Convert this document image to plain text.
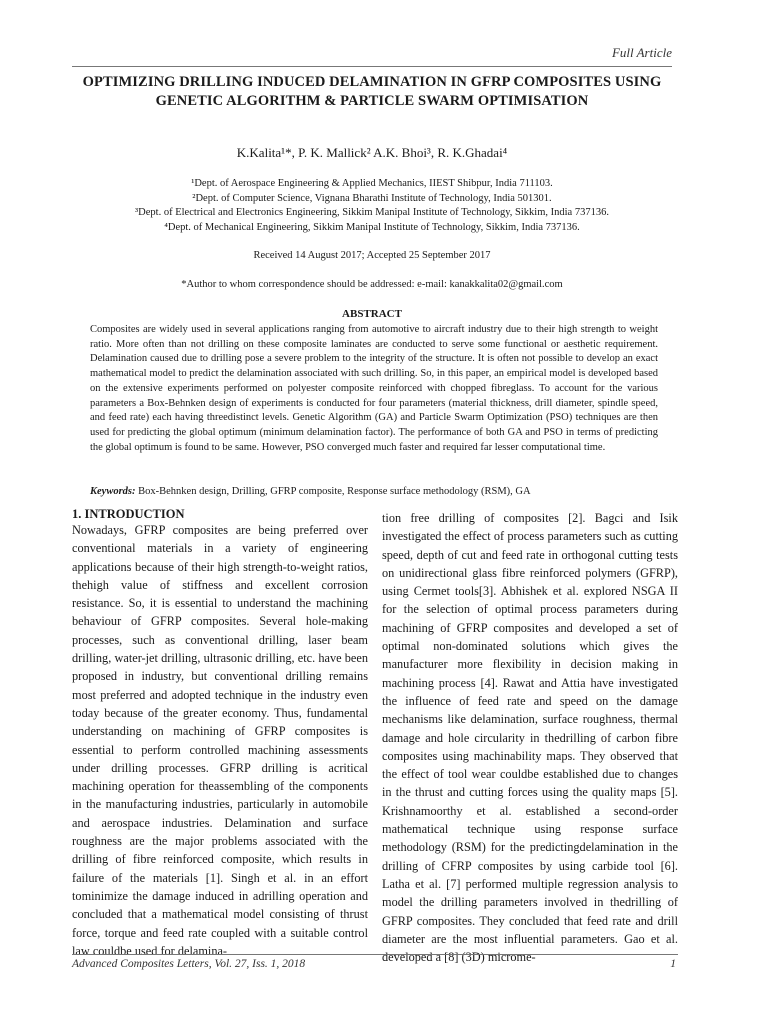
Full Article
OPTIMIZING DRILLING INDUCED DELAMINATION IN GFRP COMPOSITES USING GENETIC ALGORITHM & PARTICLE SWARM OPTIMISATION
K.Kalita¹*, P. K. Mallick² A.K. Bhoi³, R. K.Ghadai⁴
¹Dept. of Aerospace Engineering & Applied Mechanics, IIEST Shibpur, India 711103.
²Dept. of Computer Science, Vignana Bharathi Institute of Technology, India 501301.
³Dept. of Electrical and Electronics Engineering, Sikkim Manipal Institute of Technology, Sikkim, India 737136.
⁴Dept. of Mechanical Engineering, Sikkim Manipal Institute of Technology, Sikkim, India 737136.
Received 14 August 2017; Accepted 25 September 2017
*Author to whom correspondence should be addressed: e-mail: kanakkalita02@gmail.com
ABSTRACT
Composites are widely used in several applications ranging from automotive to aircraft industry due to their high strength to weight ratio. More often than not drilling on these composite laminates are conducted to serve some functional or aesthetic requirement. Delamination caused due to drilling pose a severe problem to the integrity of the structure. It is often not possible to develop an exact mathematical model to predict the delamination associated with such drilling. So, in this paper, an empirical model is developed based on the extensive experiments performed on polyester composite reinforced with chopped fibreglass. To account for the various parameters a Box-Behnken design of experiments is conducted for four parameters (material thickness, drill diameter, spindle speed, and feed rate) each having threedistinct levels. Genetic Algorithm (GA) and Particle Swarm Optimization (PSO) techniques are then used for predicting the global optimum (minimum delamination factor). The performance of both GA and PSO in terms of predicting the global optimum is found to be same. However, PSO converged much faster and required far lesser computational time.
Keywords: Box-Behnken design, Drilling, GFRP composite, Response surface methodology (RSM), GA
1. INTRODUCTION
Nowadays, GFRP composites are being preferred over conventional materials in a variety of engineering applications because of their high strength-to-weight ratios, thehigh value of stiffness and excellent corrosion resistance. So, it is essential to understand the machining behaviour of GFRP composites. Several hole-making processes, such as conventional drilling, laser beam drilling, water-jet drilling, ultrasonic drilling, etc. have been proposed in industry, but conventional drilling remains most preferred and adopted technique in the industry even today because of the greater economy. Thus, fundamental understanding on machining of GFRP composites is essential to perform controlled machining assessments under drilling processes. GFRP drilling is acritical machining operation for theassembling of the components in the manufacturing industries, particularly in automobile and aerospace industries. Delamination and surface roughness are the major problems associated with the drilling of fibre reinforced composite, which results in failure of the materials [1]. Singh et al. in an effort tominimize the damage induced in adrilling operation and concluded that a mathematical model consisting of thrust force, torque and feed rate coupled with a suitable control law couldbe used for delamina-
tion free drilling of composites [2]. Bagci and Isik investigated the effect of process parameters such as cutting speed, depth of cut and feed rate in orthogonal cutting tests on unidirectional glass fibre reinforced polymers (GFRP), using Cermet tools[3]. Abhishek et al. explored NSGA II for the selection of optimal process parameters during machining of GFRP composites and developed a set of optimal non-dominated solutions which gives the manufacturer more flexibility in decision making in machining process [4]. Rawat and Attia have investigated the influence of feed rate and speed on the damage mechanisms like delamination, surface roughness, thermal damage and hole circularity in thedrilling of carbon fibre composites using machinability maps. They observed that the effect of tool wear couldbe established due to changes in the thrust and cutting forces using the quality maps [5]. Krishnamoorthy et al. established a second-order mathematical technique using response surface methodology (RSM) for the predictingdelamination in the drilling of CFRP composites by using carbide tool [6]. Latha et al. [7] performed multiple regression analysis to model the drilling parameters involved in thedrilling of GFRP composites. They concluded that feed rate and drill diameter are the most influential parameters. Gao et al. developed a [8] (3D) microme-
Advanced Composites Letters, Vol. 27, Iss. 1, 2018	1
